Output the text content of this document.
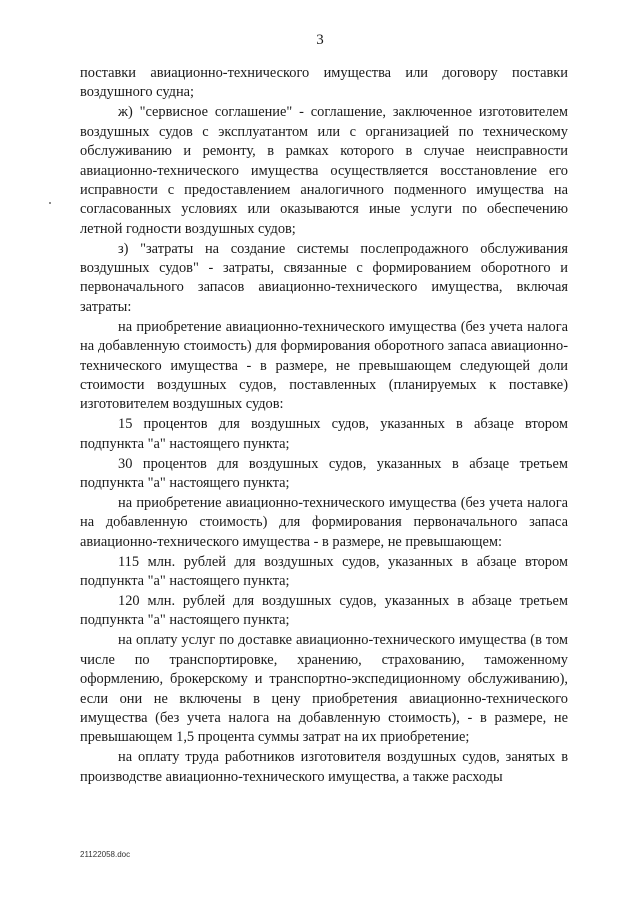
3

поставки авиационно-технического имущества или договору поставки воздушного судна;

ж) "сервисное соглашение" - соглашение, заключенное изготовителем воздушных судов с эксплуатантом или с организацией по техническому обслуживанию и ремонту, в рамках которого в случае неисправности авиационно-технического имущества осуществляется восстановление его исправности с предоставлением аналогичного подменного имущества на согласованных условиях или оказываются иные услуги по обеспечению летной годности воздушных судов;

з) "затраты на создание системы послепродажного обслуживания воздушных судов" - затраты, связанные с формированием оборотного и первоначального запасов авиационно-технического имущества, включая затраты:

на приобретение авиационно-технического имущества (без учета налога на добавленную стоимость) для формирования оборотного запаса авиационно-технического имущества - в размере, не превышающем следующей доли стоимости воздушных судов, поставленных (планируемых к поставке) изготовителем воздушных судов:

15 процентов для воздушных судов, указанных в абзаце втором подпункта "а" настоящего пункта;

30 процентов для воздушных судов, указанных в абзаце третьем подпункта "а" настоящего пункта;

на приобретение авиационно-технического имущества (без учета налога на добавленную стоимость) для формирования первоначального запаса авиационно-технического имущества - в размере, не превышающем:

115 млн. рублей для воздушных судов, указанных в абзаце втором подпункта "а" настоящего пункта;

120 млн. рублей для воздушных судов, указанных в абзаце третьем подпункта "а" настоящего пункта;

на оплату услуг по доставке авиационно-технического имущества (в том числе по транспортировке, хранению, страхованию, таможенному оформлению, брокерскому и транспортно-экспедиционному обслуживанию), если они не включены в цену приобретения авиационно-технического имущества (без учета налога на добавленную стоимость), - в размере, не превышающем 1,5 процента суммы затрат на их приобретение;

на оплату труда работников изготовителя воздушных судов, занятых в производстве авиационно-технического имущества, а также расходы

21122058.doc
